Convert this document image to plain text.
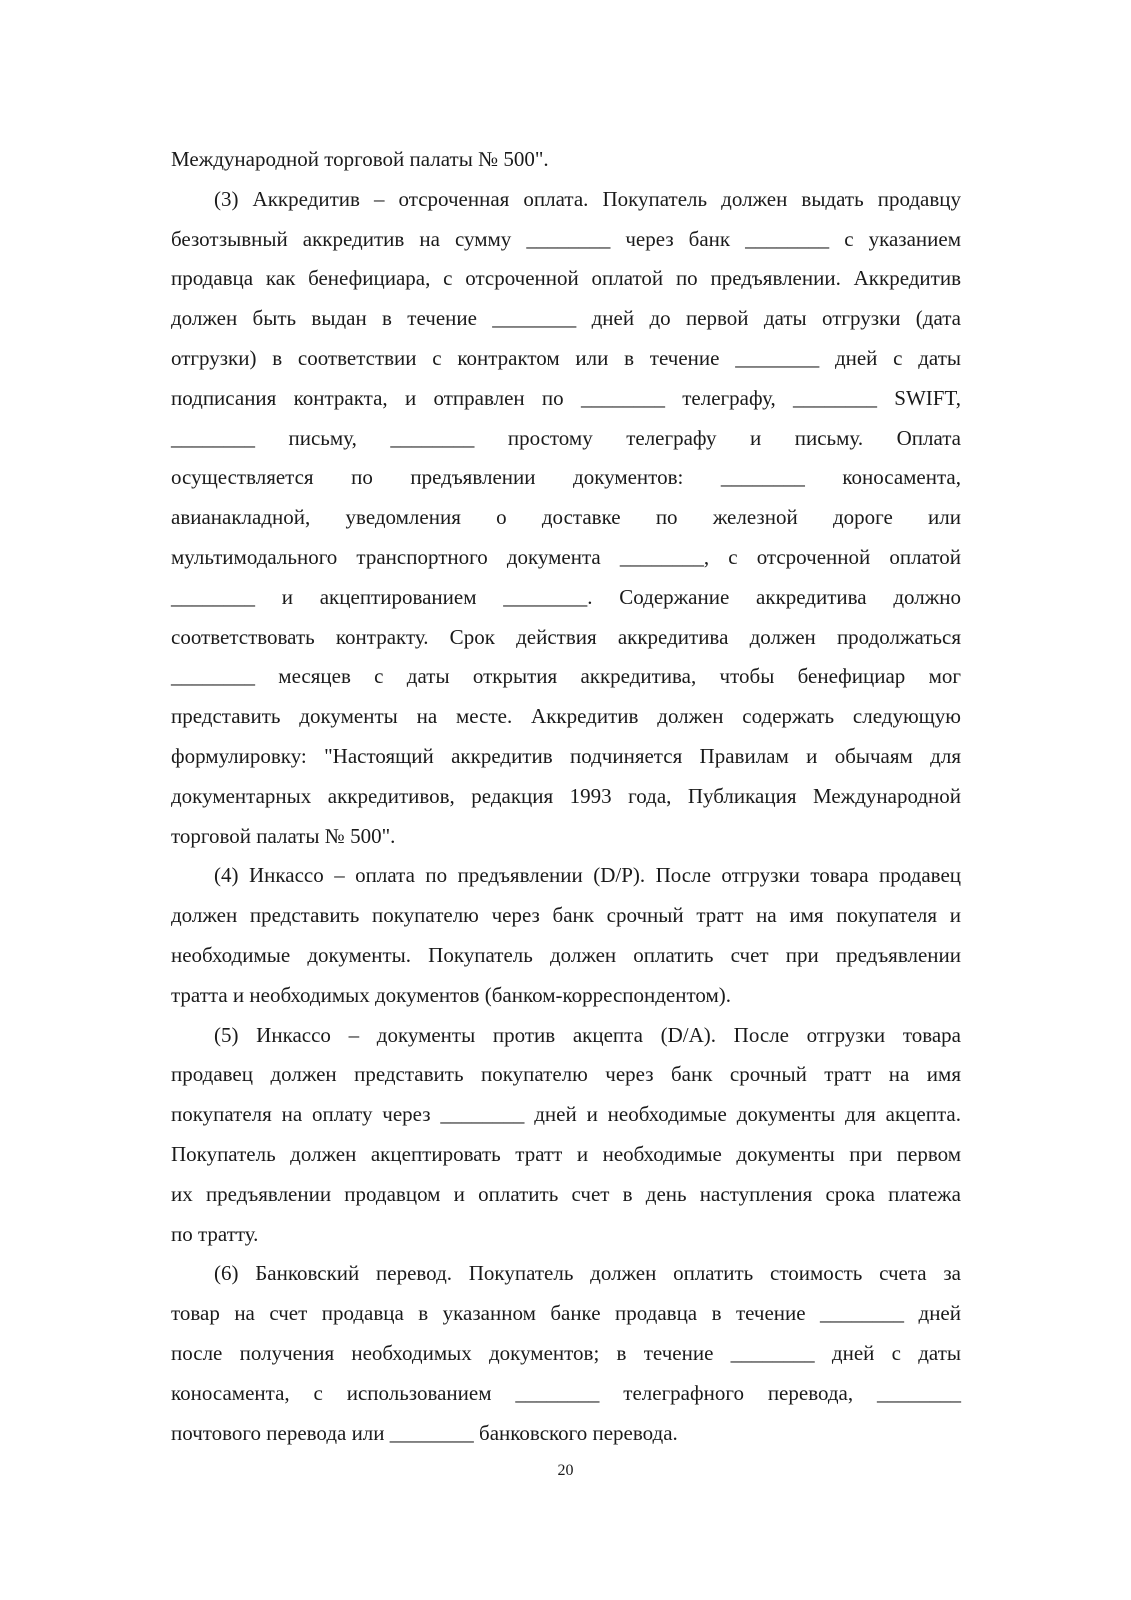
Международной торговой палаты № 500".

(3) Аккредитив – отсроченная оплата. Покупатель должен выдать продавцу

безотзывный аккредитив на сумму ________ через банк ________ с указанием

продавца как бенефициара, с отсроченной оплатой по предъявлении. Аккредитив

должен быть выдан в течение ________ дней до первой даты отгрузки (дата

отгрузки) в соответствии с контрактом или в течение ________ дней с даты

подписания контракта, и отправлен по ________ телеграфу, ________ SWIFT,

________ письму, ________ простому телеграфу и письму. Оплата

осуществляется по предъявлении документов: ________ коносамента,

авианакладной, уведомления о доставке по железной дороге или

мультимодального транспортного документа ________, с отсроченной оплатой

________ и акцептированием ________. Содержание аккредитива должно

соответствовать контракту. Срок действия аккредитива должен продолжаться

________ месяцев с даты открытия аккредитива, чтобы бенефициар мог

представить документы на месте. Аккредитив должен содержать следующую

формулировку: "Настоящий аккредитив подчиняется Правилам и обычаям для

документарных аккредитивов, редакция 1993 года, Публикация Международной

торговой палаты № 500".

(4) Инкассо – оплата по предъявлении (D/P). После отгрузки товара продавец

должен представить покупателю через банк срочный тратт на имя покупателя и

необходимые документы. Покупатель должен оплатить счет при предъявлении

тратта и необходимых документов (банком-корреспондентом).

(5) Инкассо – документы против акцепта (D/A). После отгрузки товара

продавец должен представить покупателю через банк срочный тратт на имя

покупателя на оплату через ________ дней и необходимые документы для акцепта.

Покупатель должен акцептировать тратт и необходимые документы при первом

их предъявлении продавцом и оплатить счет в день наступления срока платежа

по тратту.

(6) Банковский перевод. Покупатель должен оплатить стоимость счета за

товар на счет продавца в указанном банке продавца в течение ________ дней

после получения необходимых документов; в течение ________ дней с даты

коносамента, с использованием ________ телеграфного перевода, ________

почтового перевода или ________ банковского перевода.

20
